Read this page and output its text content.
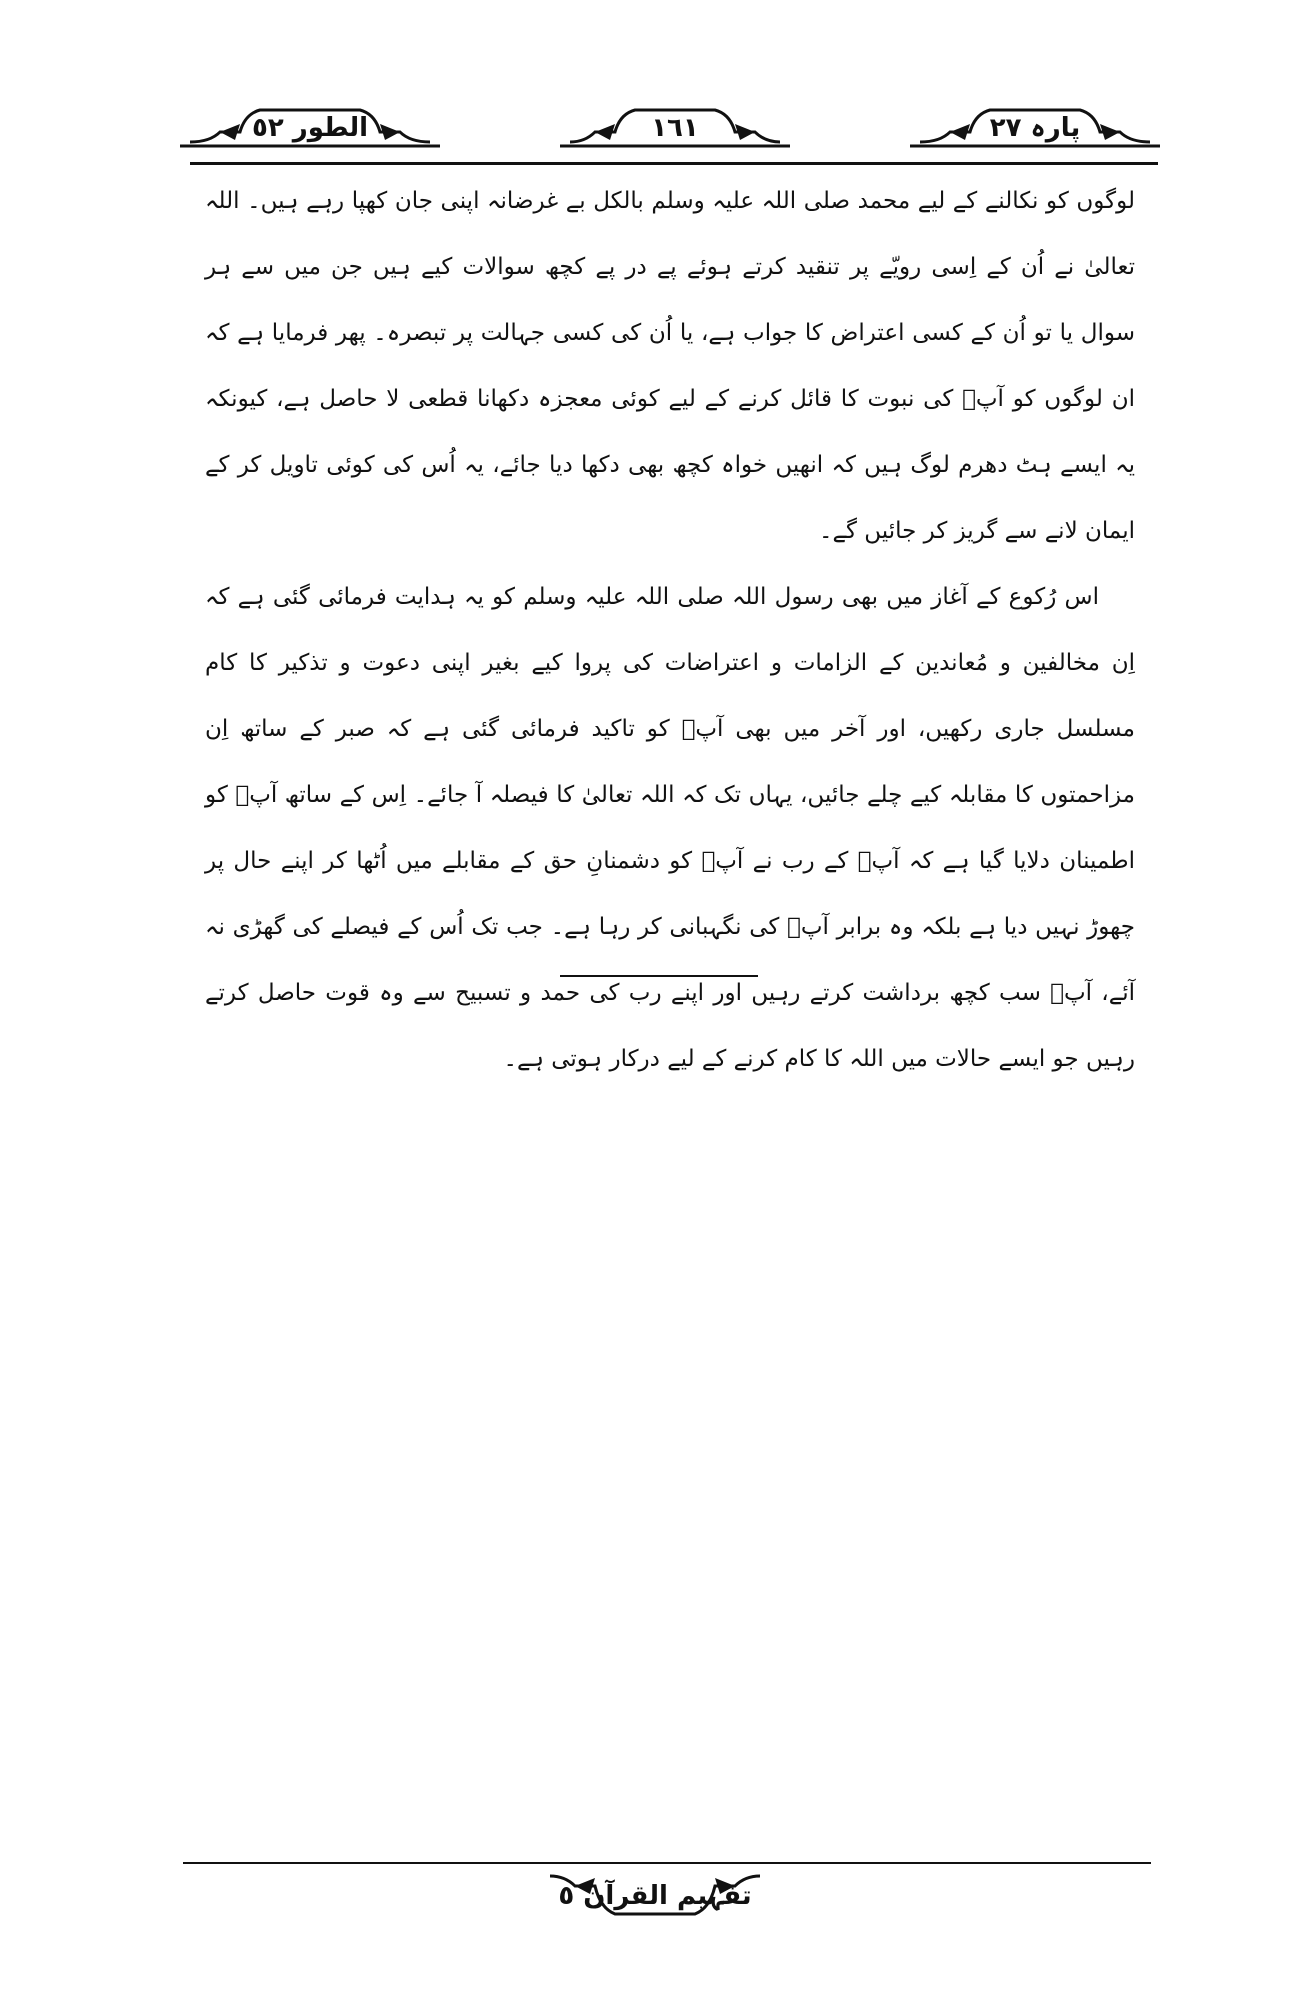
پارہ ٢٧
١٦١
الطور ٥٢

لوگوں کو نکالنے کے لیے محمد صلی اللہ علیہ وسلم بالکل بے غرضانہ اپنی جان کھپا رہے ہیں۔ اللہ تعالیٰ نے اُن کے اِسی رویّے پر تنقید کرتے ہوئے پے در پے کچھ سوالات کیے ہیں جن میں سے ہر سوال یا تو اُن کے کسی اعتراض کا جواب ہے، یا اُن کی کسی جہالت پر تبصرہ۔ پھر فرمایا ہے کہ ان لوگوں کو آپؐ کی نبوت کا قائل کرنے کے لیے کوئی معجزہ دکھانا قطعی لا حاصل ہے، کیونکہ یہ ایسے ہٹ دھرم لوگ ہیں کہ انھیں خواہ کچھ بھی دکھا دیا جائے، یہ اُس کی کوئی تاویل کر کے ایمان لانے سے گریز کر جائیں گے۔

اس رُکوع کے آغاز میں بھی رسول اللہ صلی اللہ علیہ وسلم کو یہ ہدایت فرمائی گئی ہے کہ اِن مخالفین و مُعاندین کے الزامات و اعتراضات کی پروا کیے بغیر اپنی دعوت و تذکیر کا کام مسلسل جاری رکھیں، اور آخر میں بھی آپؐ کو تاکید فرمائی گئی ہے کہ صبر کے ساتھ اِن مزاحمتوں کا مقابلہ کیے چلے جائیں، یہاں تک کہ اللہ تعالیٰ کا فیصلہ آ جائے۔ اِس کے ساتھ آپؐ کو اطمینان دلایا گیا ہے کہ آپؐ کے رب نے آپؐ کو دشمنانِ حق کے مقابلے میں اُٹھا کر اپنے حال پر چھوڑ نہیں دیا ہے بلکہ وہ برابر آپؐ کی نگہبانی کر رہا ہے۔ جب تک اُس کے فیصلے کی گھڑی نہ آئے، آپؐ سب کچھ برداشت کرتے رہیں اور اپنے رب کی حمد و تسبیح سے وہ قوت حاصل کرتے رہیں جو ایسے حالات میں اللہ کا کام کرنے کے لیے درکار ہوتی ہے۔

تفہیم القرآن ٥
